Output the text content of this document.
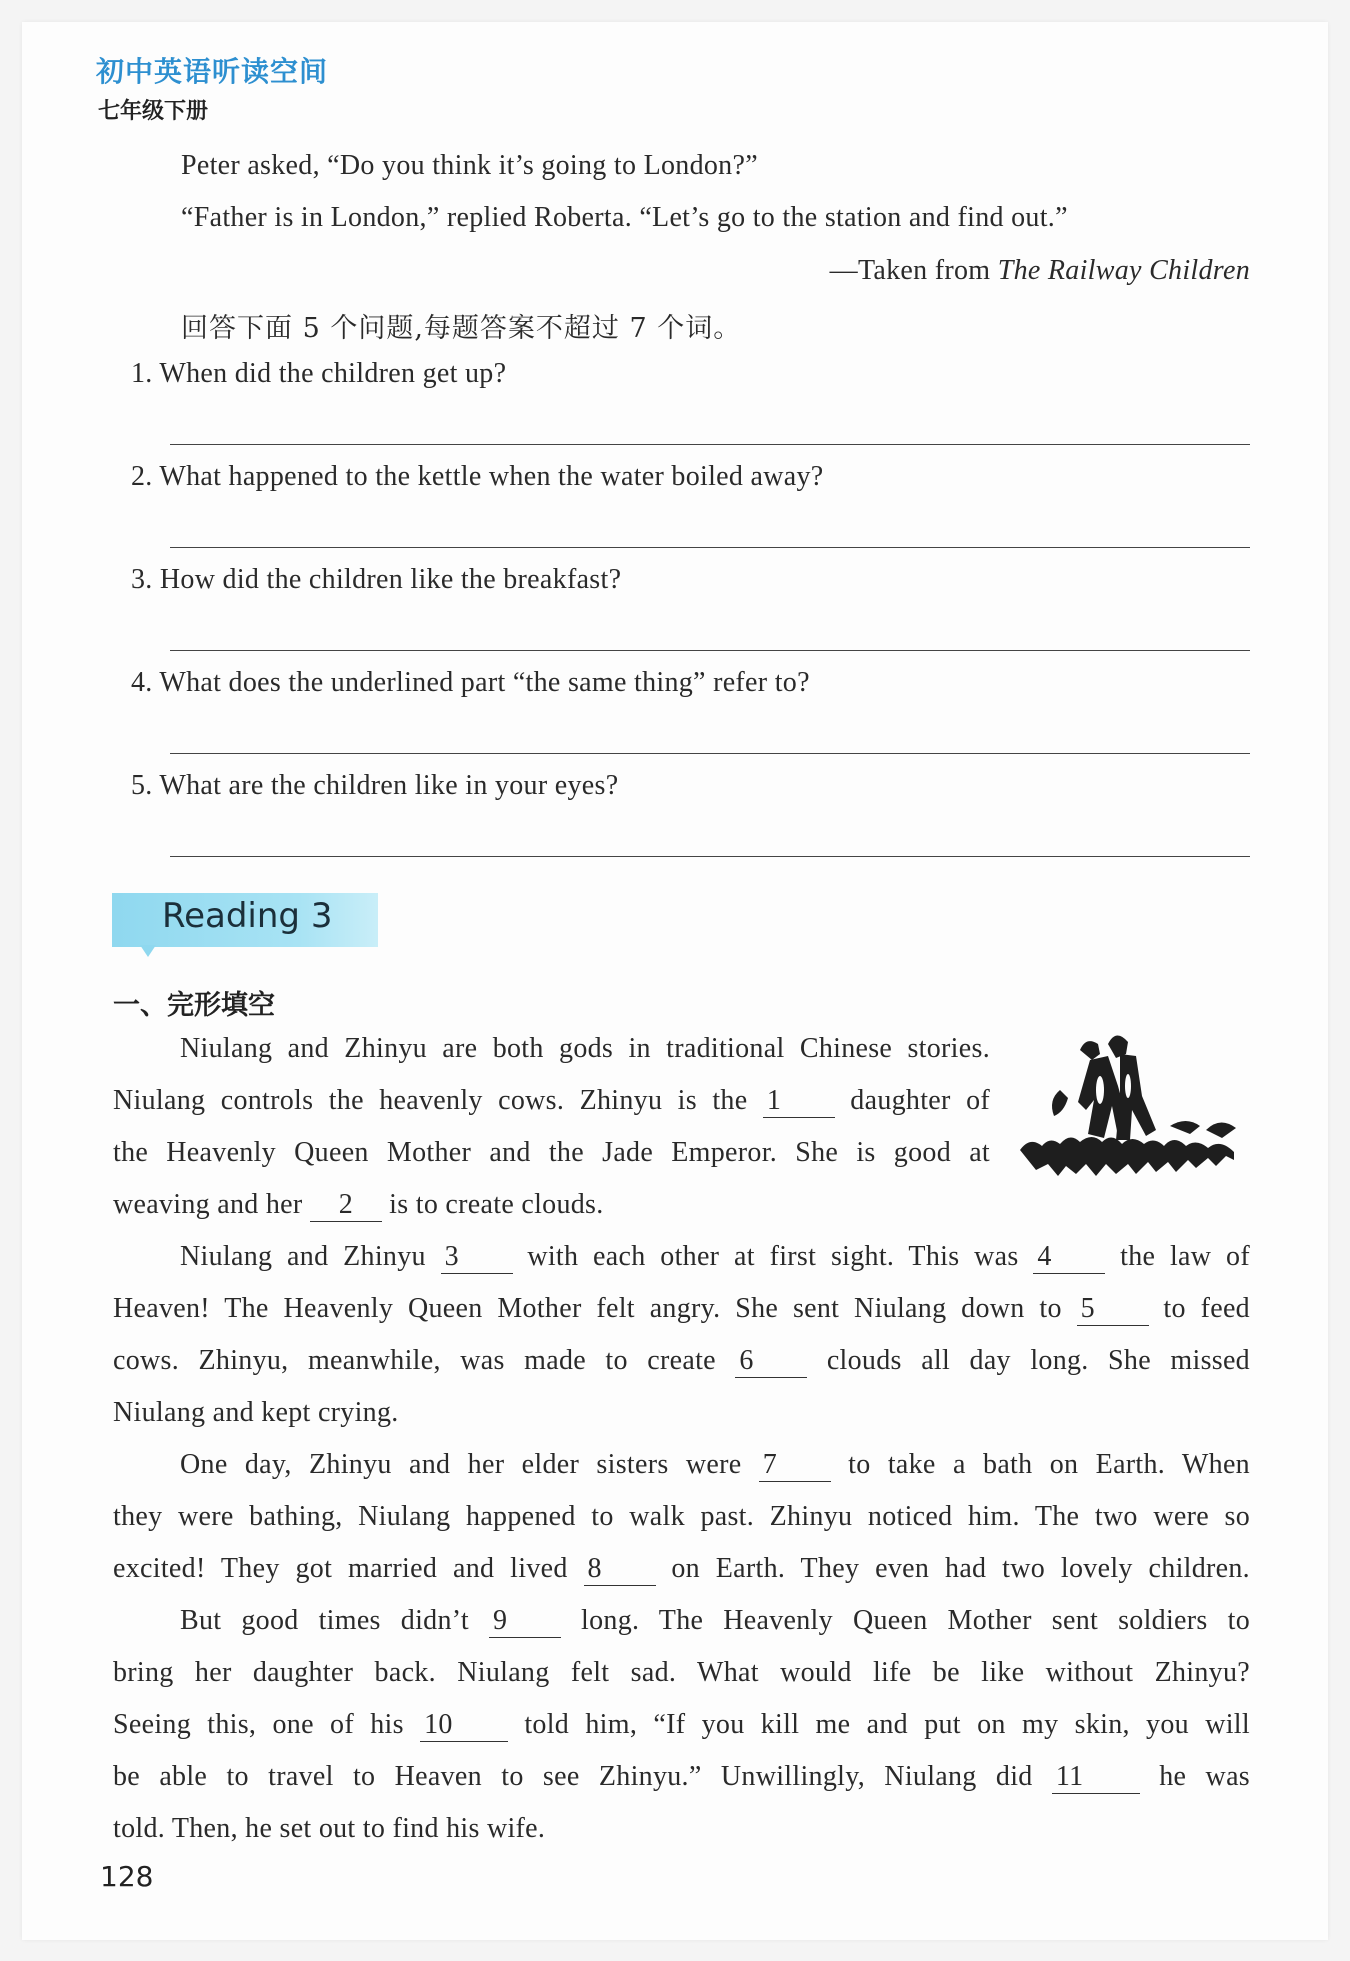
初中英语听读空间
七年级下册
Peter asked, “Do you think it’s going to London?”
“Father is in London,” replied Roberta. “Let’s go to the station and find out.”
—Taken from The Railway Children
回答下面 5 个问题,每题答案不超过 7 个词。
1. When did the children get up?
2. What happened to the kettle when the water boiled away?
3. How did the children like the breakfast?
4. What does the underlined part “the same thing” refer to?
5. What are the children like in your eyes?
Reading 3
一、完形填空
Niulang and Zhinyu are both gods in traditional Chinese stories.
Niulang controls the heavenly cows. Zhinyu is the 1 daughter of
the Heavenly Queen Mother and the Jade Emperor. She is good at
weaving and her 2 is to create clouds.
Niulang and Zhinyu 3 with each other at first sight. This was 4 the law of
Heaven! The Heavenly Queen Mother felt angry. She sent Niulang down to 5 to feed
cows. Zhinyu, meanwhile, was made to create 6	clouds all day long. She missed
Niulang and kept crying.
One day, Zhinyu and her elder sisters were 7	to take a bath on Earth. When
they were bathing, Niulang happened to walk past. Zhinyu noticed him. The two were so
excited! They got married and lived 8 on Earth. They even had two lovely children.
But good times didn’t 9	long. The Heavenly Queen Mother sent soldiers to
bring her daughter back. Niulang felt sad. What would life be like without Zhinyu?
Seeing this, one of his 10	told him, “If you kill me and put on my skin, you will
be able to travel to Heaven to see Zhinyu.” Unwillingly, Niulang did 11	he was
told. Then, he set out to find his wife.
128
